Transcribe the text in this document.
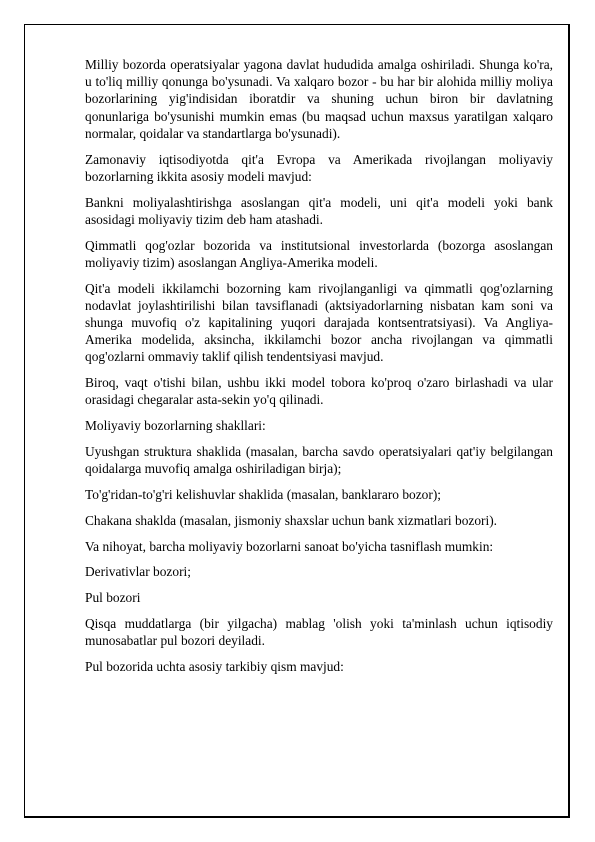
Milliy bozorda operatsiyalar yagona davlat hududida amalga oshiriladi. Shunga ko'ra, u to'liq milliy qonunga bo'ysunadi. Va xalqaro bozor - bu har bir alohida milliy moliya bozorlarining yig'indisidan iboratdir va shuning uchun biron bir davlatning qonunlariga bo'ysunishi mumkin emas (bu maqsad uchun maxsus yaratilgan xalqaro normalar, qoidalar va standartlarga bo'ysunadi).

Zamonaviy iqtisodiyotda qit'a Evropa va Amerikada rivojlangan moliyaviy bozorlarning ikkita asosiy modeli mavjud:

Bankni moliyalashtirishga asoslangan qit'a modeli, uni qit'a modeli yoki bank asosidagi moliyaviy tizim deb ham atashadi.

Qimmatli qog'ozlar bozorida va institutsional investorlarda (bozorga asoslangan moliyaviy tizim) asoslangan Angliya-Amerika modeli.

Qit'a modeli ikkilamchi bozorning kam rivojlanganligi va qimmatli qog'ozlarning nodavlat joylashtirilishi bilan tavsiflanadi (aktsiyadorlarning nisbatan kam soni va shunga muvofiq o'z kapitalining yuqori darajada kontsentratsiyasi). Va Angliya-Amerika modelida, aksincha, ikkilamchi bozor ancha rivojlangan va qimmatli qog'ozlarni ommaviy taklif qilish tendentsiyasi mavjud.

Biroq, vaqt o'tishi bilan, ushbu ikki model tobora ko'proq o'zaro birlashadi va ular orasidagi chegaralar asta-sekin yo'q qilinadi.

Moliyaviy bozorlarning shakllari:

Uyushgan struktura shaklida (masalan, barcha savdo operatsiyalari qat'iy belgilangan qoidalarga muvofiq amalga oshiriladigan birja);

To'g'ridan-to'g'ri kelishuvlar shaklida (masalan, banklararo bozor);

Chakana shaklda (masalan, jismoniy shaxslar uchun bank xizmatlari bozori).

Va nihoyat, barcha moliyaviy bozorlarni sanoat bo'yicha tasniflash mumkin:

Derivativlar bozori;

Pul bozori

Qisqa muddatlarga (bir yilgacha) mablag 'olish yoki ta'minlash uchun iqtisodiy munosabatlar pul bozori deyiladi.

Pul bozorida uchta asosiy tarkibiy qism mavjud:
